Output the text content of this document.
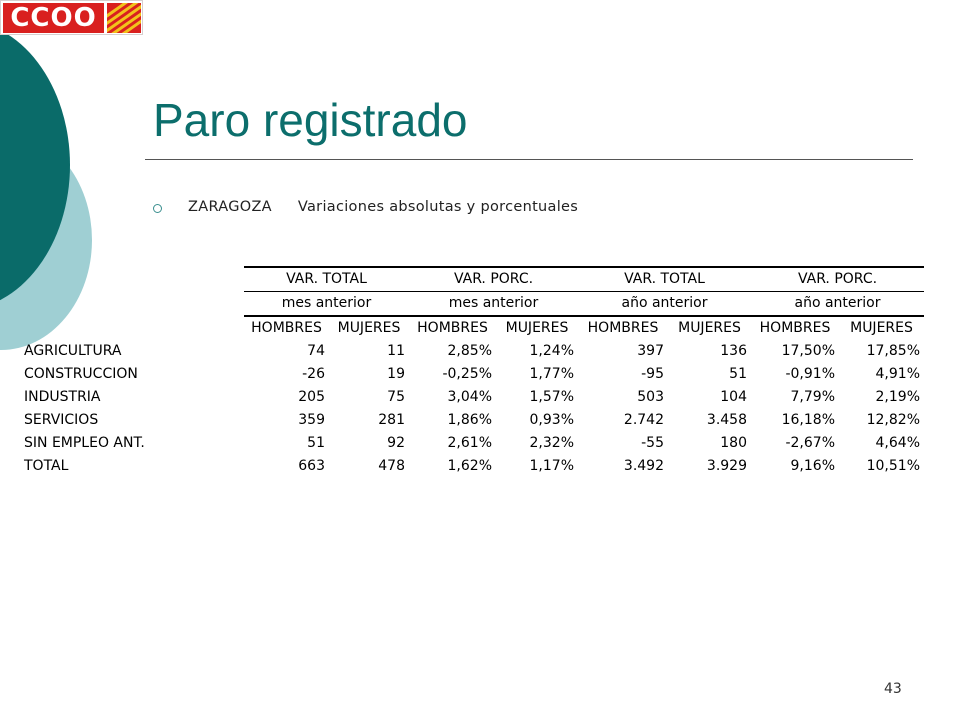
CCOO
Paro registrado
ZARAGOZA Variaciones absolutas y porcentuales
	VAR. TOTAL		VAR. PORC.		VAR. TOTAL		VAR. PORC.	
	mes anterior		mes anterior		año anterior		año anterior	
	HOMBRES	MUJERES	HOMBRES	MUJERES	HOMBRES	MUJERES	HOMBRES	MUJERES
AGRICULTURA	74	11	2,85%	1,24%	397	136	17,50%	17,85%
CONSTRUCCION	-26	19	-0,25%	1,77%	-95	51	-0,91%	4,91%
INDUSTRIA	205	75	3,04%	1,57%	503	104	7,79%	2,19%
SERVICIOS	359	281	1,86%	0,93%	2.742	3.458	16,18%	12,82%
SIN EMPLEO ANT.	51	92	2,61%	2,32%	-55	180	-2,67%	4,64%
TOTAL	663	478	1,62%	1,17%	3.492	3.929	9,16%	10,51%
43
